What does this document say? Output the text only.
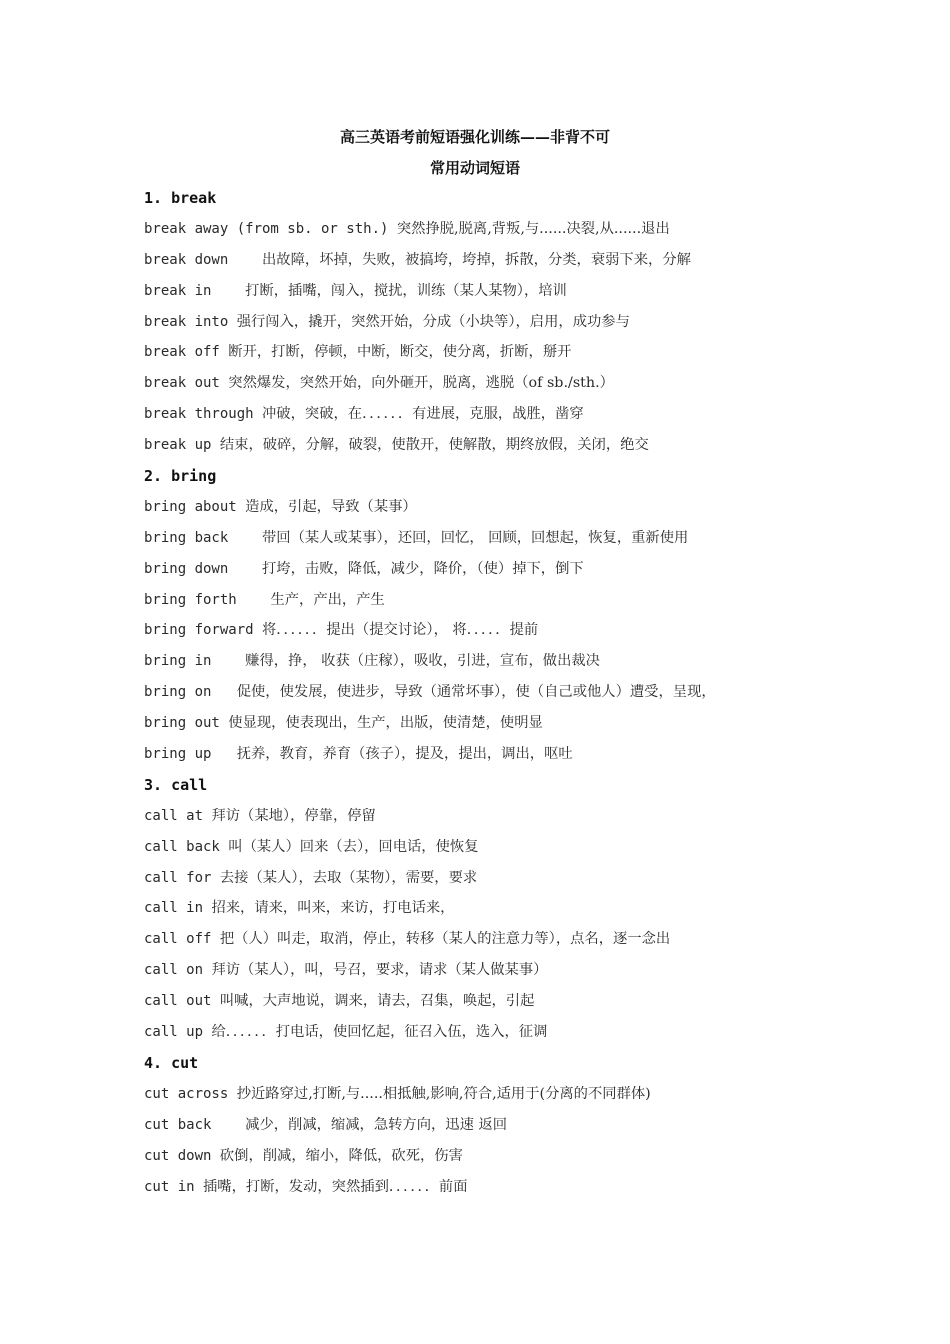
高三英语考前短语强化训练——非背不可
常用动词短语
1. break
break away (from sb. or sth.) 突然挣脱,脱离,背叛,与......决裂,从......退出
break down    出故障，坏掉，失败，被搞垮，垮掉，拆散，分类，衰弱下来，分解
break in    打断，插嘴，闯入，搅扰，训练（某人某物），培训
break into 强行闯入，撬开，突然开始，分成（小块等），启用，成功参与
break off 断开，打断，停顿，中断，断交，使分离，折断，掰开
break out 突然爆发，突然开始，向外砸开，脱离，逃脱（of sb./sth.）
break through 冲破，突破，在．．．．．．有进展，克服，战胜，凿穿
break up 结束，破碎，分解，破裂，使散开，使解散，期终放假，关闭，绝交
2. bring
bring about 造成，引起，导致（某事）
bring back    带回（某人或某事），还回，回忆， 回顾，回想起，恢复，重新使用
bring down    打垮，击败，降低，减少，降价，（使）掉下，倒下
bring forth    生产，产出，产生
bring forward 将．．．．．．提出（提交讨论）， 将．．．．．提前
bring in    赚得，挣， 收获（庄稼），吸收，引进，宣布，做出裁决
bring on   促使，使发展，使进步，导致（通常坏事），使（自己或他人）遭受，呈现，
bring out 使显现，使表现出，生产，出版，使清楚，使明显
bring up   抚养，教育，养育（孩子），提及，提出，调出，呕吐
3. call
call at 拜访（某地），停靠，停留
call back 叫（某人）回来（去），回电话，使恢复
call for 去接（某人），去取（某物），需要，要求
call in 招来，请来，叫来，来访，打电话来，
call off 把（人）叫走，取消，停止，转移（某人的注意力等），点名，逐一念出
call on 拜访（某人），叫，号召，要求，请求（某人做某事）
call out 叫喊，大声地说，调来，请去，召集，唤起，引起
call up 给．．．．．．打电话，使回忆起，征召入伍，选入，征调
4. cut
cut across 抄近路穿过,打断,与.....相抵触,影响,符合,适用于(分离的不同群体)
cut back    减少，削减，缩减，急转方向，迅速 返回
cut down 砍倒，削减，缩小，降低，砍死，伤害
cut in 插嘴，打断，发动，突然插到．．．．．．前面
